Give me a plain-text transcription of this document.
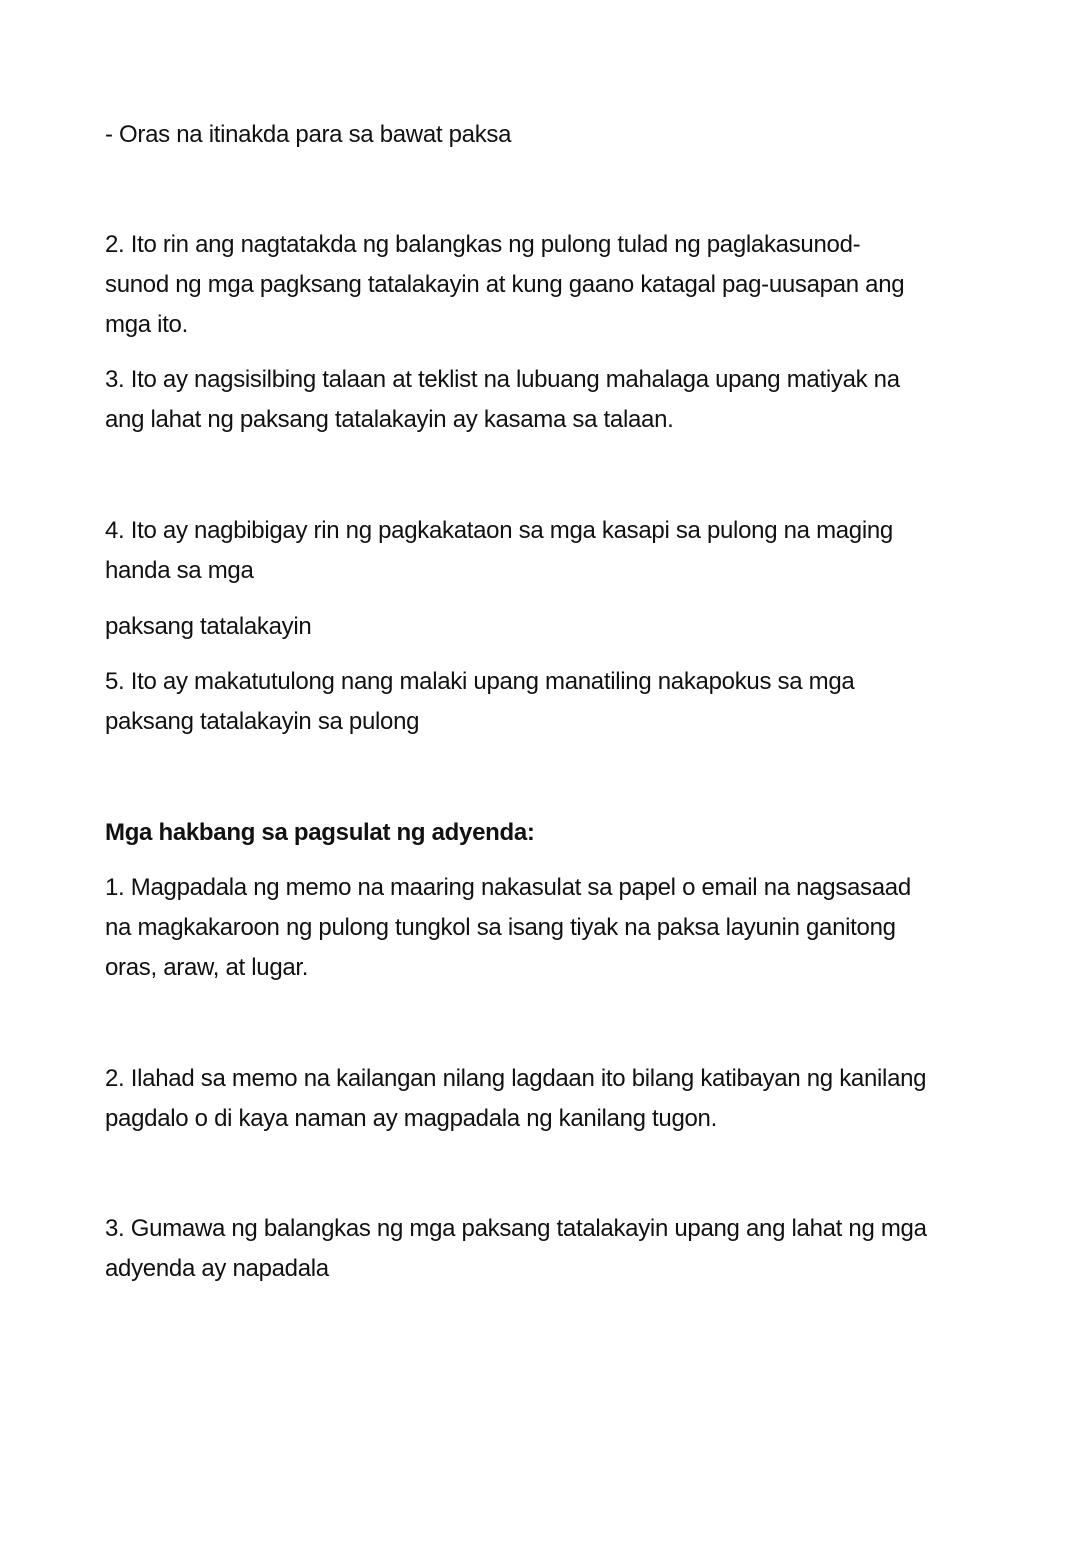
- Oras na itinakda para sa bawat paksa
2. Ito rin ang nagtatakda ng balangkas ng pulong tulad ng paglakasunod-
sunod ng mga pagksang tatalakayin at kung gaano katagal pag-uusapan ang
mga ito.
3. Ito ay nagsisilbing talaan at teklist na lubuang mahalaga upang matiyak na
ang lahat ng paksang tatalakayin ay kasama sa talaan.
4. Ito ay nagbibigay rin ng pagkakataon sa mga kasapi sa pulong na maging
handa sa mga
paksang tatalakayin
5. Ito ay makatutulong nang malaki upang manatiling nakapokus sa mga
paksang tatalakayin sa pulong
Mga hakbang sa pagsulat ng adyenda:
1. Magpadala ng memo na maaring nakasulat sa papel o email na nagsasaad
na magkakaroon ng pulong tungkol sa isang tiyak na paksa layunin ganitong
oras, araw, at lugar.
2. Ilahad sa memo na kailangan nilang lagdaan ito bilang katibayan ng kanilang
pagdalo o di kaya naman ay magpadala ng kanilang tugon.
3. Gumawa ng balangkas ng mga paksang tatalakayin upang ang lahat ng mga
adyenda ay napadala
